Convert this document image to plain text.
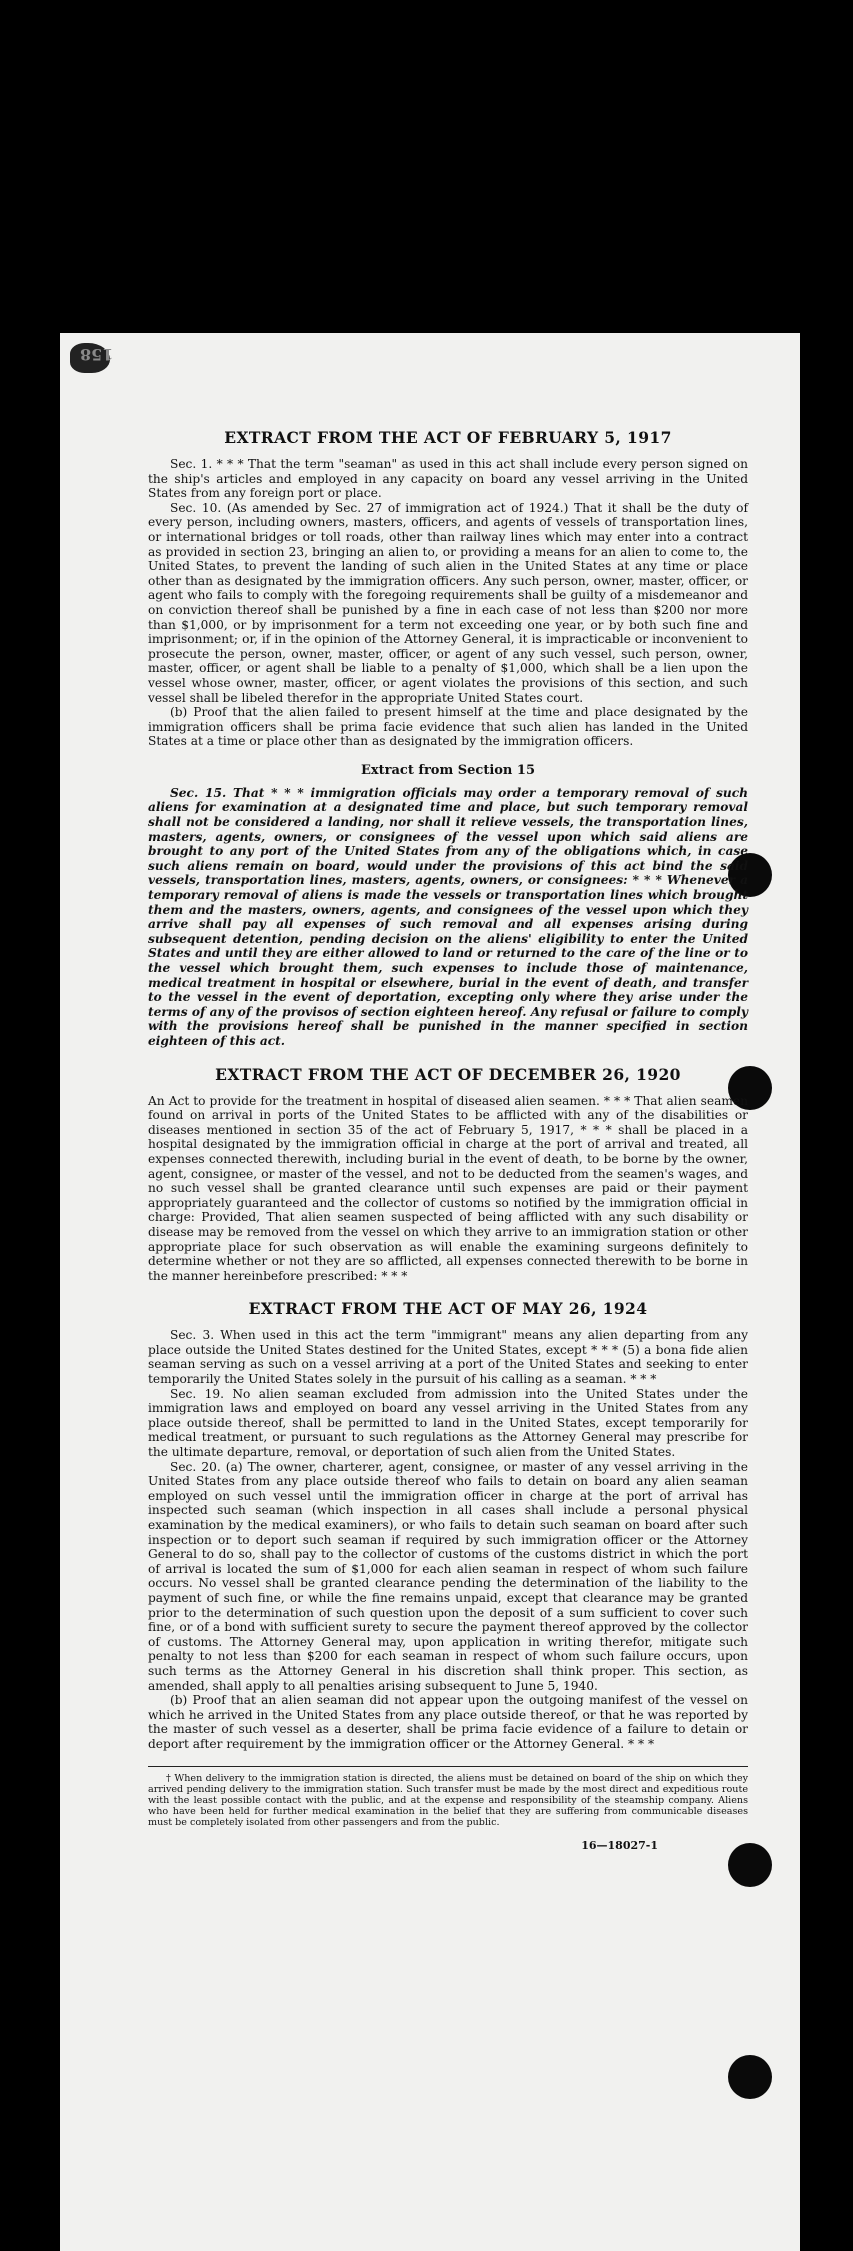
158
EXTRACT FROM THE ACT OF FEBRUARY 5, 1917

Sec. 1. * * * That the term "seaman" as used in this act shall include every person signed on the ship's articles and employed in any capacity on board any vessel arriving in the United States from any foreign port or place.

Sec. 10. (As amended by Sec. 27 of immigration act of 1924.) That it shall be the duty of every person, including owners, masters, officers, and agents of vessels of transportation lines, or international bridges or toll roads, other than railway lines which may enter into a contract as provided in section 23, bringing an alien to, or providing a means for an alien to come to, the United States, to prevent the landing of such alien in the United States at any time or place other than as designated by the immigration officers. Any such person, owner, master, officer, or agent who fails to comply with the foregoing requirements shall be guilty of a misdemeanor and on conviction thereof shall be punished by a fine in each case of not less than $200 nor more than $1,000, or by imprisonment for a term not exceeding one year, or by both such fine and imprisonment; or, if in the opinion of the Attorney General, it is impracticable or inconvenient to prosecute the person, owner, master, officer, or agent of any such vessel, such person, owner, master, officer, or agent shall be liable to a penalty of $1,000, which shall be a lien upon the vessel whose owner, master, officer, or agent violates the provisions of this section, and such vessel shall be libeled therefor in the appropriate United States court.

(b) Proof that the alien failed to present himself at the time and place designated by the immigration officers shall be prima facie evidence that such alien has landed in the United States at a time or place other than as designated by the immigration officers.

Extract from Section 15

Sec. 15. That * * * immigration officials may order a temporary removal of such aliens for examination at a designated time and place, but such temporary removal shall not be considered a landing, nor shall it relieve vessels, the transportation lines, masters, agents, owners, or consignees of the vessel upon which said aliens are brought to any port of the United States from any of the obligations which, in case such aliens remain on board, would under the provisions of this act bind the said vessels, transportation lines, masters, agents, owners, or consignees: * * * Whenever a temporary removal of aliens is made the vessels or transportation lines which brought them and the masters, owners, agents, and consignees of the vessel upon which they arrive shall pay all expenses of such removal and all expenses arising during subsequent detention, pending decision on the aliens' eligibility to enter the United States and until they are either allowed to land or returned to the care of the line or to the vessel which brought them, such expenses to include those of maintenance, medical treatment in hospital or elsewhere, burial in the event of death, and transfer to the vessel in the event of deportation, excepting only where they arise under the terms of any of the provisos of section eighteen hereof. Any refusal or failure to comply with the provisions hereof shall be punished in the manner specified in section eighteen of this act.

EXTRACT FROM THE ACT OF DECEMBER 26, 1920

An Act to provide for the treatment in hospital of diseased alien seamen. * * * That alien seamen found on arrival in ports of the United States to be afflicted with any of the disabilities or diseases mentioned in section 35 of the act of February 5, 1917, * * * shall be placed in a hospital designated by the immigration official in charge at the port of arrival and treated, all expenses connected therewith, including burial in the event of death, to be borne by the owner, agent, consignee, or master of the vessel, and not to be deducted from the seamen's wages, and no such vessel shall be granted clearance until such expenses are paid or their payment appropriately guaranteed and the collector of customs so notified by the immigration official in charge: Provided, That alien seamen suspected of being afflicted with any such disability or disease may be removed from the vessel on which they arrive to an immigration station or other appropriate place for such observation as will enable the examining surgeons definitely to determine whether or not they are so afflicted, all expenses connected therewith to be borne in the manner hereinbefore prescribed: * * *

EXTRACT FROM THE ACT OF MAY 26, 1924

Sec. 3. When used in this act the term "immigrant" means any alien departing from any place outside the United States destined for the United States, except * * * (5) a bona fide alien seaman serving as such on a vessel arriving at a port of the United States and seeking to enter temporarily the United States solely in the pursuit of his calling as a seaman. * * *

Sec. 19. No alien seaman excluded from admission into the United States under the immigration laws and employed on board any vessel arriving in the United States from any place outside thereof, shall be permitted to land in the United States, except temporarily for medical treatment, or pursuant to such regulations as the Attorney General may prescribe for the ultimate departure, removal, or deportation of such alien from the United States.

Sec. 20. (a) The owner, charterer, agent, consignee, or master of any vessel arriving in the United States from any place outside thereof who fails to detain on board any alien seaman employed on such vessel until the immigration officer in charge at the port of arrival has inspected such seaman (which inspection in all cases shall include a personal physical examination by the medical examiners), or who fails to detain such seaman on board after such inspection or to deport such seaman if required by such immigration officer or the Attorney General to do so, shall pay to the collector of customs of the customs district in which the port of arrival is located the sum of $1,000 for each alien seaman in respect of whom such failure occurs. No vessel shall be granted clearance pending the determination of the liability to the payment of such fine, or while the fine remains unpaid, except that clearance may be granted prior to the determination of such question upon the deposit of a sum sufficient to cover such fine, or of a bond with sufficient surety to secure the payment thereof approved by the collector of customs. The Attorney General may, upon application in writing therefor, mitigate such penalty to not less than $200 for each seaman in respect of whom such failure occurs, upon such terms as the Attorney General in his discretion shall think proper. This section, as amended, shall apply to all penalties arising subsequent to June 5, 1940.

(b) Proof that an alien seaman did not appear upon the outgoing manifest of the vessel on which he arrived in the United States from any place outside thereof, or that he was reported by the master of such vessel as a deserter, shall be prima facie evidence of a failure to detain or deport after requirement by the immigration officer or the Attorney General. * * *

† When delivery to the immigration station is directed, the aliens must be detained on board of the ship on which they arrived pending delivery to the immigration station. Such transfer must be made by the most direct and expeditious route with the least possible contact with the public, and at the expense and responsibility of the steamship company. Aliens who have been held for further medical examination in the belief that they are suffering from communicable diseases must be completely isolated from other passengers and from the public.

16—18027-1
